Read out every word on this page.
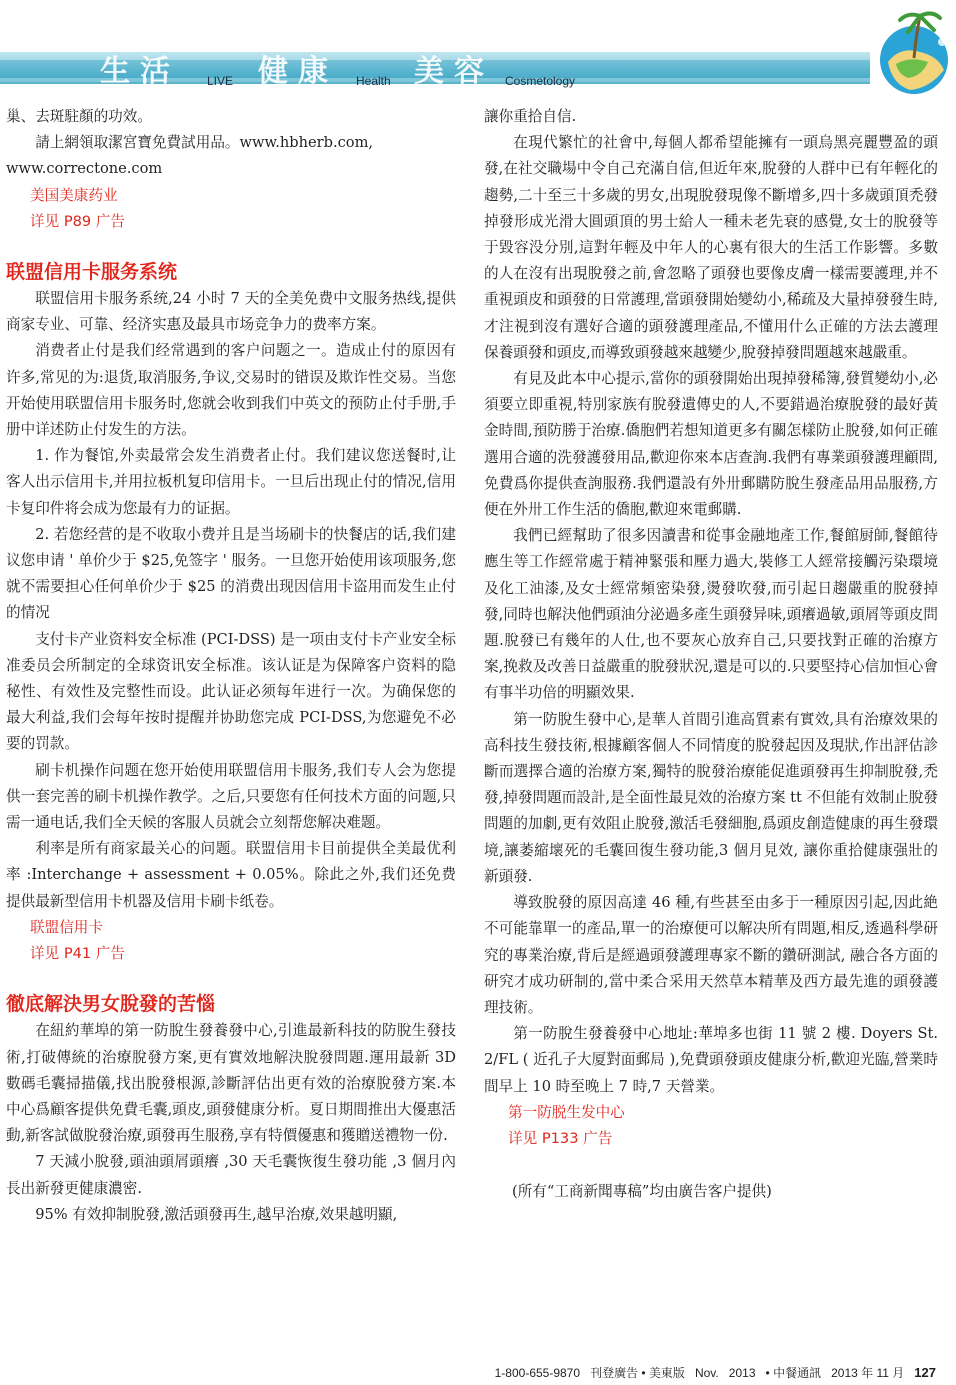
生活 LIVE 健康 Health 美容 Cosmetology

巢、去斑駐顏的功效。

請上網領取潔宮寶免費試用品。www.hbherb.com,

www.correctone.com

美国美康药业
详见 P89 广告
联盟信用卡服务系统

联盟信用卡服务系统,24 小时 7 天的全美免费中文服务热线,提供商家专业、可靠、经济实惠及最具市场竞争力的费率方案。

消费者止付是我们经常遇到的客户问题之一。造成止付的原因有许多,常见的为:退货,取消服务,争议,交易时的错误及欺诈性交易。当您开始使用联盟信用卡服务时,您就会收到我们中英文的预防止付手册,手册中详述防止付发生的方法。

1. 作为餐馆,外卖最常会发生消费者止付。我们建议您送餐时,让客人出示信用卡,并用拉板机复印信用卡。一旦后出现止付的情况,信用卡复印件将会成为您最有力的证据。

2. 若您经营的是不收取小费并且是当场刷卡的快餐店的话,我们建议您申请 ' 单价少于 $25,免签字 ' 服务。一旦您开始使用该项服务,您就不需要担心任何单价少于 $25 的消费出现因信用卡盗用而发生止付的情况

支付卡产业资料安全标准 (PCI-DSS) 是一项由支付卡产业安全标准委员会所制定的全球资讯安全标准。该认证是为保障客户资料的隐秘性、有效性及完整性而设。此认证必须每年进行一次。为确保您的最大利益,我们会每年按时提醒并协助您完成 PCI-DSS,为您避免不必要的罚款。

刷卡机操作问题在您开始使用联盟信用卡服务,我们专人会为您提供一套完善的刷卡机操作教学。之后,只要您有任何技术方面的问题,只需一通电话,我们全天候的客服人员就会立刻帮您解决难题。

利率是所有商家最关心的问题。联盟信用卡目前提供全美最优利率 :Interchange + assessment + 0.05%。除此之外,我们还免费提供最新型信用卡机器及信用卡刷卡纸卷。

联盟信用卡
详见 P41 广告
徹底解決男女脫發的苦惱

在紐約華埠的第一防脫生發養發中心,引進最新科技的防脫生發技術,打破傳統的治療脫發方案,更有實效地解決脫發問題.運用最新 3D 數碼毛囊掃描儀,找出脫發根源,診斷評估出更有效的治療脫發方案.本中心爲顧客提供免費毛囊,頭皮,頭發健康分析。夏日期間推出大優惠活動,新客試做脫發治療,頭發再生服務,享有特價優惠和獲贈送禮物一份.

7 天減小脫發,頭油頭屑頭癢 ,30 天毛囊恢復生發功能 ,3 個月內長出新發更健康濃密.

95% 有效抑制脫發,激活頭發再生,越早治療,效果越明顯,

讓你重拾自信.

在現代繁忙的社會中,每個人都希望能擁有一頭烏黑亮麗豐盈的頭發,在社交職場中令自己充滿自信,但近年來,脫發的人群中已有年輕化的趨勢,二十至三十多歲的男女,出現脫發現像不斷增多,四十多歲頭頂禿發掉發形成光滑大圓頭頂的男士給人一種未老先衰的感覺,女士的脫發等于毀容没分別,這對年輕及中年人的心裏有很大的生活工作影響。多數的人在沒有出現脫發之前,會忽略了頭發也要像皮膚一樣需要護理,并不重視頭皮和頭發的日常護理,當頭發開始變幼小,稀疏及大量掉發發生時,才注視到沒有選好合適的頭發護理產品,不懂用什么正確的方法去護理保養頭發和頭皮,而導致頭發越來越變少,脫發掉發問題越來越嚴重。

有見及此本中心提示,當你的頭發開始出現掉發稀簿,發質變幼小,必須要立即重視,特別家族有脫發遺傳史的人,不要錯過治療脫發的最好黃金時間,預防勝于治療.僑胞們若想知道更多有關怎樣防止脫發,如何正確選用合適的洗發護發用品,歡迎你來本店查詢.我們有專業頭發護理顧問,免費爲你提供查詢服務.我們還設有外卅郵購防脫生發產品用品服務,方便在外卅工作生活的僑胞,歡迎來電郵購.

我們已經幫助了很多因讀書和從事金融地產工作,餐館厨師,餐館待應生等工作經常處于精神緊張和壓力過大,裝修工人經常接觸污染環境及化工油漆,及女士經常頻密染發,燙發吹發,而引起日趨嚴重的脫發掉發,同時也解決他們頭油分泌過多產生頭發异味,頭癢過敏,頭屑等頭皮問題.脫發已有幾年的人仕,也不要灰心放弃自己,只要找對正確的治療方案,挽救及改善日益嚴重的脫發狀況,還是可以的.只要堅持心信加恒心會有事半功倍的明顯效果.

第一防脫生發中心,是華人首間引進高質素有實效,具有治療效果的高科技生發技術,根據顧客個人不同情度的脫發起因及現狀,作出評估診斷而選擇合適的治療方案,獨特的脫發治療能促進頭發再生抑制脫發,禿發,掉發問題而設計,是全面性最見效的治療方案 tt 不但能有效制止脫發問題的加劇,更有效阻止脫發,激活毛發細胞,爲頭皮創造健康的再生發環境,讓萎縮壞死的毛囊回復生發功能,3 個月見效, 讓你重拾健康强壯的新頭發.

導致脫發的原因高達 46 種,有些甚至由多于一種原因引起,因此絶不可能靠單一的產品,單一的治療便可以解决所有問題,相反,透過科學研究的專業治療,背后是經過頭發護理專家不斷的鑽研測試, 融合各方面的研究才成功研制的,當中柔合采用天然草本精華及西方最先進的頭發護理技術。

第一防脫生發養發中心地址:華埠多也街 11 號 2 樓. Doyers St. 2/FL ( 近孔子大厦對面郵局 ),免費頭發頭皮健康分析,歡迎光臨,營業時間早上 10 時至晚上 7 時,7 天營業。

第一防脱生发中心
详见 P133 广告

(所有“工商新聞專稿”均由廣告客户提供)

1-800-655-9870 刊登廣告 • 美東版 Nov. 2013 • 中餐通訊 2013 年 11 月 127
